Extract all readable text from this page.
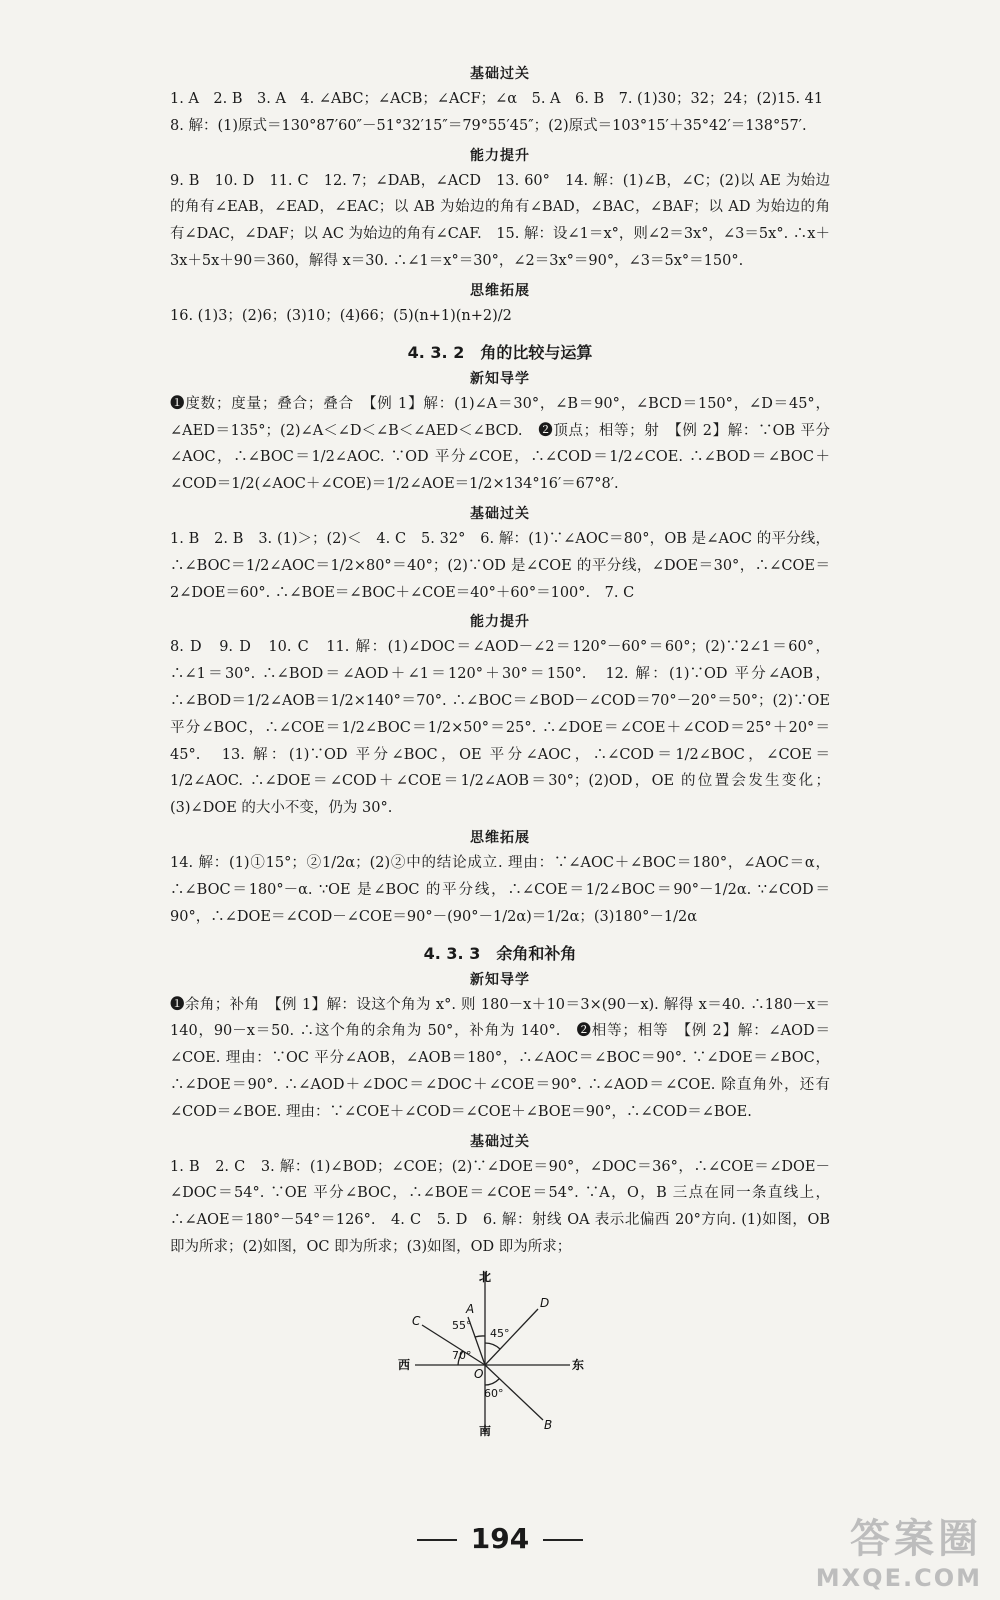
基础过关

1. A　2. B　3. A　4. ∠ABC；∠ACB；∠ACF；∠α　5. A　6. B　7. (1)30；32；24；(2)15. 41

8. 解：(1)原式＝130°87′60″－51°32′15″＝79°55′45″；(2)原式＝103°15′＋35°42′＝138°57′.

能力提升

9. B　10. D　11. C　12. 7；∠DAB，∠ACD　13. 60°　14. 解：(1)∠B，∠C；(2)以 AE 为始边的角有∠EAB，∠EAD，∠EAC；以 AB 为始边的角有∠BAD，∠BAC，∠BAF；以 AD 为始边的角有∠DAC，∠DAF；以 AC 为始边的角有∠CAF.　15. 解：设∠1＝x°，则∠2＝3x°，∠3＝5x°. ∴x＋3x＋5x＋90＝360，解得 x＝30. ∴∠1＝x°＝30°，∠2＝3x°＝90°，∠3＝5x°＝150°.

思维拓展

16. (1)3；(2)6；(3)10；(4)66；(5)(n+1)(n+2)/2

4. 3. 2　角的比较与运算
新知导学

❶度数；度量；叠合；叠合　【例 1】解：(1)∠A＝30°，∠B＝90°，∠BCD＝150°，∠D＝45°，∠AED＝135°；(2)∠A＜∠D＜∠B＜∠AED＜∠BCD.　❷顶点；相等；射　【例 2】解：∵OB 平分∠AOC，∴∠BOC＝1/2∠AOC. ∵OD 平分∠COE，∴∠COD＝1/2∠COE. ∴∠BOD＝∠BOC＋∠COD＝1/2(∠AOC＋∠COE)＝1/2∠AOE＝1/2×134°16′＝67°8′.

基础过关

1. B　2. B　3. (1)＞；(2)＜　4. C　5. 32°　6. 解：(1)∵∠AOC＝80°，OB 是∠AOC 的平分线，∴∠BOC＝1/2∠AOC＝1/2×80°＝40°；(2)∵OD 是∠COE 的平分线，∠DOE＝30°，∴∠COE＝2∠DOE＝60°. ∴∠BOE＝∠BOC＋∠COE＝40°＋60°＝100°.　7. C

能力提升

8. D　9. D　10. C　11. 解：(1)∠DOC＝∠AOD－∠2＝120°－60°＝60°；(2)∵2∠1＝60°，∴∠1＝30°. ∴∠BOD＝∠AOD＋∠1＝120°＋30°＝150°.　12. 解：(1)∵OD 平分∠AOB，∴∠BOD＝1/2∠AOB＝1/2×140°＝70°. ∴∠BOC＝∠BOD－∠COD＝70°－20°＝50°；(2)∵OE平分∠BOC，∴∠COE＝1/2∠BOC＝1/2×50°＝25°. ∴∠DOE＝∠COE＋∠COD＝25°＋20°＝45°.　13. 解：(1)∵OD 平分∠BOC，OE 平分∠AOC，∴∠COD＝1/2∠BOC，∠COE＝1/2∠AOC. ∴∠DOE＝∠COD＋∠COE＝1/2∠AOB＝30°；(2)OD，OE 的位置会发生变化；(3)∠DOE 的大小不变，仍为 30°.

思维拓展

14. 解：(1)①15°；②1/2α；(2)②中的结论成立. 理由：∵∠AOC＋∠BOC＝180°，∠AOC＝α，∴∠BOC＝180°－α. ∵OE 是∠BOC 的平分线，∴∠COE＝1/2∠BOC＝90°－1/2α. ∵∠COD＝90°，∴∠DOE＝∠COD－∠COE＝90°－(90°－1/2α)＝1/2α；(3)180°－1/2α

4. 3. 3　余角和补角
新知导学

❶余角；补角　【例 1】解：设这个角为 x°. 则 180－x＋10＝3×(90－x). 解得 x＝40. ∴180－x＝140，90－x＝50. ∴这个角的余角为 50°，补角为 140°.　❷相等；相等　【例 2】解：∠AOD＝∠COE. 理由：∵OC 平分∠AOB，∠AOB＝180°，∴∠AOC＝∠BOC＝90°. ∵∠DOE＝∠BOC，∴∠DOE＝90°. ∴∠AOD＋∠DOC＝∠DOC＋∠COE＝90°. ∴∠AOD＝∠COE. 除直角外，还有∠COD＝∠BOE. 理由：∵∠COE＋∠COD＝∠COE＋∠BOE＝90°，∴∠COD＝∠BOE.

基础过关

1. B　2. C　3. 解：(1)∠BOD；∠COE；(2)∵∠DOE＝90°，∠DOC＝36°，∴∠COE＝∠DOE－∠DOC＝54°. ∵OE 平分∠BOC，∴∠BOE＝∠COE＝54°. ∵A，O，B 三点在同一条直线上，∴∠AOE＝180°－54°＝126°.　4. C　5. D　6. 解：射线 OA 表示北偏西 20°方向. (1)如图，OB 即为所求；(2)如图，OC 即为所求；(3)如图，OD 即为所求；

北
南
西	东
O
A
B
C
D
55°
45°
70°
60°
194	答案圈
MXQE.COM
